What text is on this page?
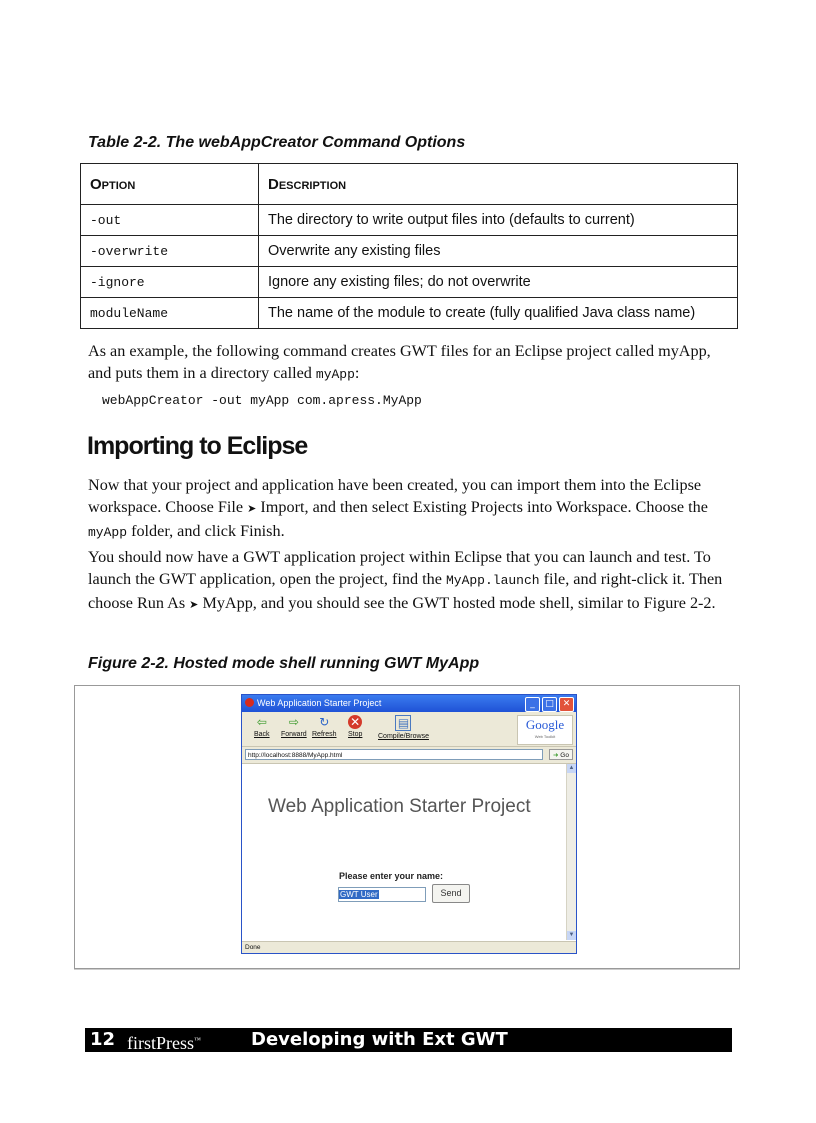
Table 2-2. The webAppCreator Command Options
Option	Description
-out	The directory to write output files into (defaults to current)
-overwrite	Overwrite any existing files
-ignore	Ignore any existing files; do not overwrite
moduleName	The name of the module to create (fully qualified Java class name)
As an example, the following command creates GWT files for an Eclipse project called myApp, and puts them in a directory called myApp:
webAppCreator -out myApp com.apress.MyApp
Importing to Eclipse
Now that your project and application have been created, you can import them into the Eclipse workspace. Choose File ➤ Import, and then select Existing Projects into Workspace. Choose the myApp folder, and click Finish.
You should now have a GWT application project within Eclipse that you can launch and test. To launch the GWT application, open the project, find the MyApp.launch file, and right-click it. Then choose Run As ➤ MyApp, and you should see the GWT hosted mode shell, similar to Figure 2-2.
Figure 2-2. Hosted mode shell running GWT MyApp
Web Application Starter Project	_	□ ✕
⇦
Back
⇨
Forward
↻
Refresh
✕
Stop
▤
Compile/Browse
Google
Web Toolkit
http://localhost:8888/MyApp.html	➜ Go
Web Application Starter Project
Please enter your name:
GWT User	Send
▲
▼
Done
12 firstPress™	Developing with Ext GWT
